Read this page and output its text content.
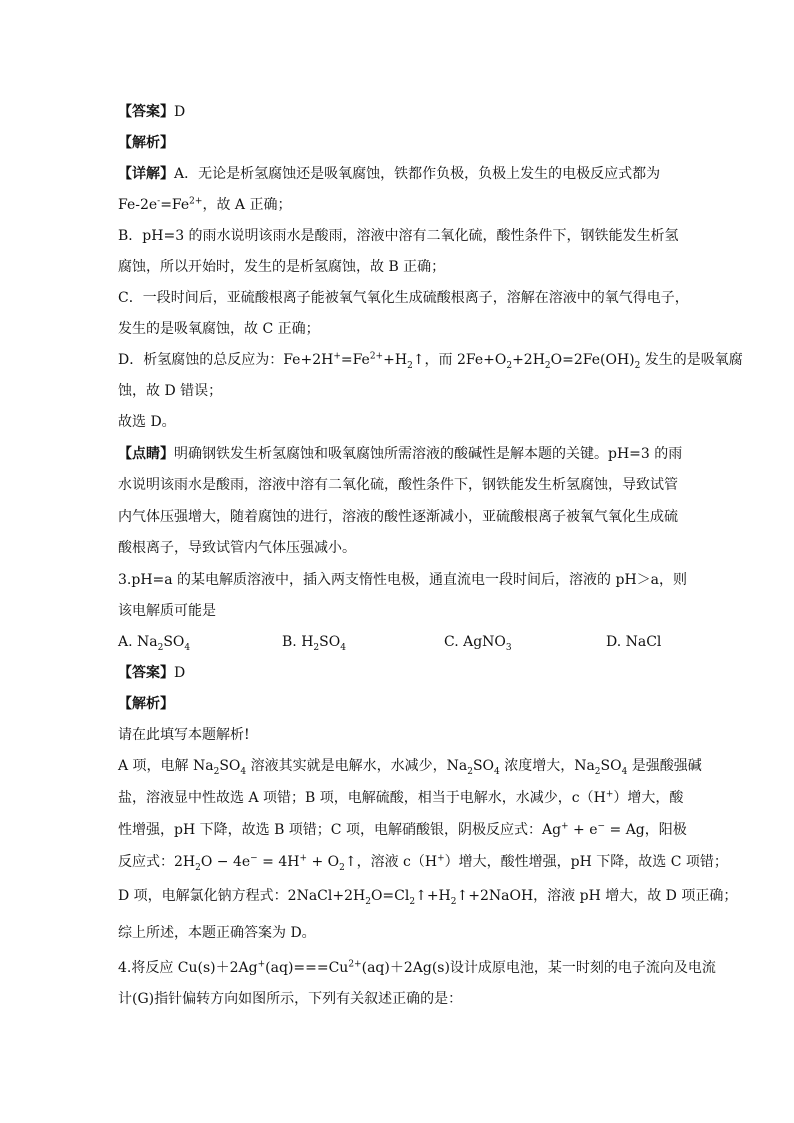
【答案】D
【解析】
【详解】A．无论是析氢腐蚀还是吸氧腐蚀，铁都作负极，负极上发生的电极反应式都为
$Fe-2e^-=Fe^{2+}$，故 A 正确；
B．pH=3 的雨水说明该雨水是酸雨，溶液中溶有二氧化硫，酸性条件下，钢铁能发生析氢
腐蚀，所以开始时，发生的是析氢腐蚀，故 B 正确；
C．一段时间后，亚硫酸根离子能被氧气氧化生成硫酸根离子，溶解在溶液中的氧气得电子，
发生的是吸氧腐蚀，故 C 正确；
D．析氢腐蚀的总反应为：$Fe+2H^+=Fe^{2+}+H_2↑$，而 $2Fe+O_2+2H_2O=2Fe(OH)_2$ 发生的是吸氧腐
蚀，故 D 错误；
故选 D。
【点睛】明确钢铁发生析氢腐蚀和吸氧腐蚀所需溶液的酸碱性是解本题的关键。pH=3 的雨
水说明该雨水是酸雨，溶液中溶有二氧化硫，酸性条件下，钢铁能发生析氢腐蚀，导致试管
内气体压强增大，随着腐蚀的进行，溶液的酸性逐渐减小，亚硫酸根离子被氧气氧化生成硫
酸根离子，导致试管内气体压强减小。
3.pH=a 的某电解质溶液中，插入两支惰性电极，通直流电一段时间后，溶液的 pH＞a，则
该电解质可能是
A. $Na_2SO_4$	B. $H_2SO_4$	C. AgNO$_3$	D. NaCl
【答案】D
【解析】
请在此填写本题解析!
A 项，电解 $Na_2SO_4$ 溶液其实就是电解水，水减少，$Na_2SO_4$ 浓度增大，$Na_2SO_4$ 是强酸强碱
盐，溶液显中性故选 A 项错；B 项，电解硫酸，相当于电解水，水减少，c（H+）增大，酸
性增强，pH 下降，故选 B 项错；C 项，电解硝酸银，阴极反应式：Ag+ + e− = Ag，阳极
反应式：$2H_2O - 4e^- = 4H^+$ + $O_2↑$，溶液 c（H+）增大，酸性增强，pH 下降，故选 C 项错；
D 项，电解氯化钠方程式：$2NaCl+2H_2O=Cl_2↑+H_2↑+2NaOH$，溶液 pH 增大，故 D 项正确；
综上所述，本题正确答案为 D。
4.将反应 $Cu(s)+2Ag^+(aq)===Cu^{2+}(aq)+2Ag(s)$设计成原电池，某一时刻的电子流向及电流
计(G)指针偏转方向如图所示，下列有关叙述正确的是：
